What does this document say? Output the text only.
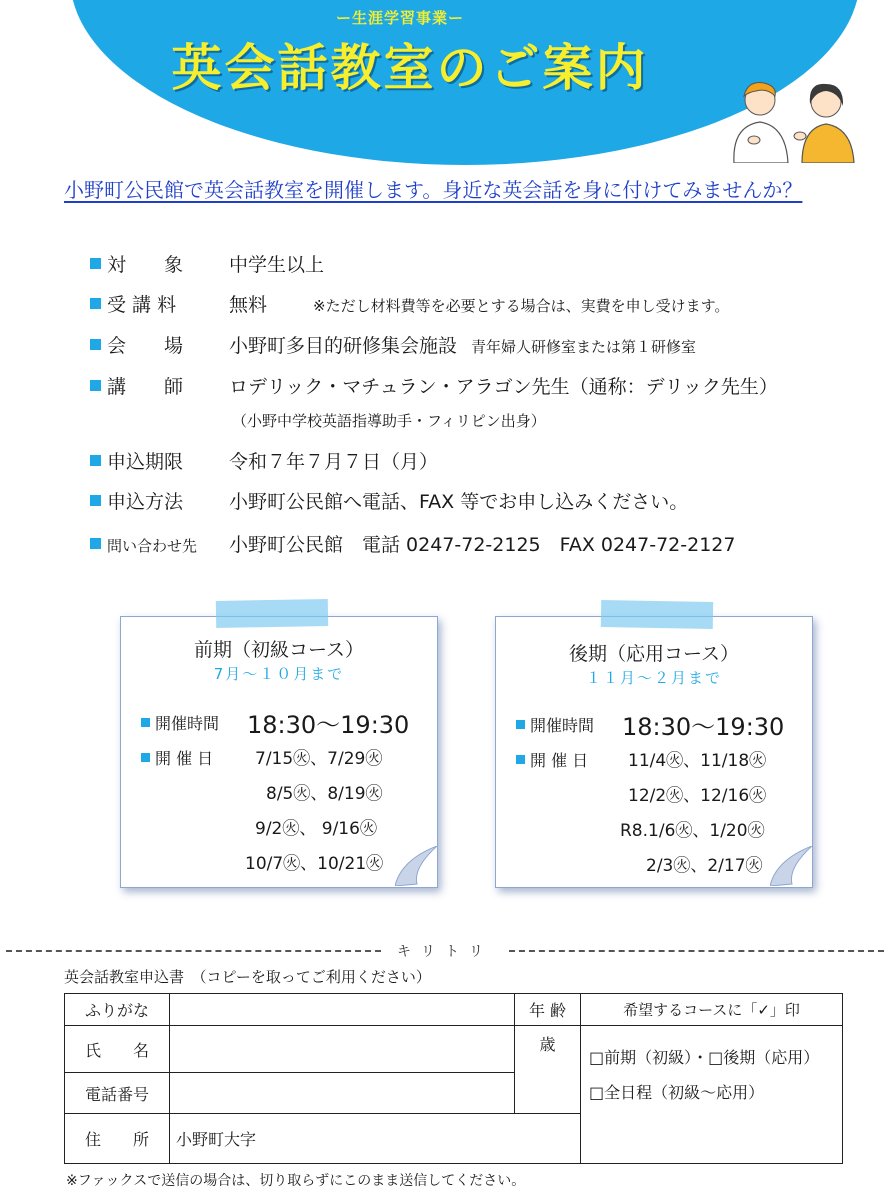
ー生涯学習事業ー
英会話教室のご案内
小野町公民館で英会話教室を開催します。身近な英会話を身に付けてみませんか？
対　　象	中学生以上
受 講 料	無料	※ただし材料費等を必要とする場合は、実費を申し受けます。
会　　場	小野町多目的研修集会施設 青年婦人研修室または第１研修室
講　　師	ロデリック・マチュラン・アラゴン先生（通称：デリック先生）
（小野中学校英語指導助手・フィリピン出身）
申込期限	令和７年７月７日（月）
申込方法	小野町公民館へ電話、FAX 等でお申し込みください。
問い合わせ先	小野町公民館　電話 0247-72-2125　FAX 0247-72-2127
前期（初級コース）
7月～１０月まで
開催時間	18:30～19:30
開 催 日 7/15㊋、7/29㊋
8/5㊋、8/19㊋
9/2㊋、 9/16㊋
10/7㊋、10/21㊋
後期（応用コース）
１１月～２月まで
開催時間	18:30～19:30
開 催 日 11/4㊋、11/18㊋
12/2㊋、12/16㊋
R8.1/6㊋、1/20㊋
2/3㊋、2/17㊋
キリトリ
英会話教室申込書　（コピーを取ってご利用ください）
ふりがな		年 齢	希望するコースに「✓」印
氏　　名		歳	□前期（初級）・□後期（応用）
□全日程（初級～応用）

電話番号			
住　　所	小野町大字		
※ファックスで送信の場合は、切り取らずにこのまま送信してください。
